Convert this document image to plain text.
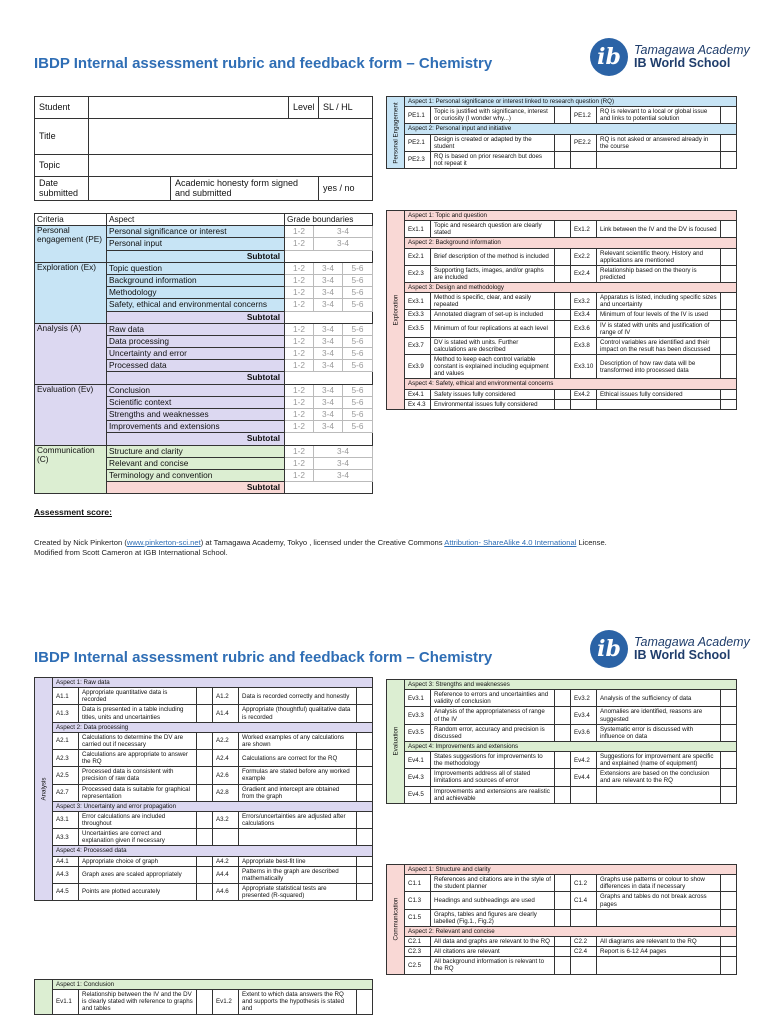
IBDP Internal assessment rubric and feedback form – Chemistry	ib	Tamagawa Academy
IB World School
Student			Level	SL / HL
Title				
Topic				
Date submitted		Academic honesty form signed and submitted		yes / no
Criteria	Aspect	Grade boundaries		
Personal engagement (PE)	Personal significance or interest	1-2	3-4	
	Personal input	1-2	3-4	
	Subtotal			
Exploration (Ex)	Topic question	1-2	3-4	5-6
	Background information	1-2	3-4	5-6
	Methodology	1-2	3-4	5-6
	Safety, ethical and environmental concerns	1-2	3-4	5-6
	Subtotal			
Analysis (A)	Raw data	1-2	3-4	5-6
	Data processing	1-2	3-4	5-6
	Uncertainty and error	1-2	3-4	5-6
	Processed data	1-2	3-4	5-6
	Subtotal			
Evaluation (Ev)	Conclusion	1-2	3-4	5-6
	Scientific context	1-2	3-4	5-6
	Strengths and weaknesses	1-2	3-4	5-6
	Improvements and extensions	1-2	3-4	5-6
	Subtotal			
Communication (C)	Structure and clarity	1-2	3-4	
	Relevant and concise	1-2	3-4	
	Terminology and convention	1-2	3-4	
	Subtotal			
Personal Engagement	Aspect 1: Personal significance or interest linked to research question (RQ)					
	PE1.1	Topic is justified with significance, interest or curiosity (I wonder why...)		PE1.2	RQ is relevant to a local or global issue and links to potential solution	
	Aspect 2: Personal input and initiative					
	PE2.1	Design is created or adapted by the student		PE2.2	RQ is not asked or answered already in the course	
	PE2.3	RQ is based on prior research but does not repeat it				
Exploration	Aspect 1: Topic and question					
	Ex1.1	Topic and research question are clearly stated		Ex1.2	Link between the IV and the DV is focused	
	Aspect 2: Background information					
	Ex2.1	Brief description of the method is included		Ex2.2	Relevant scientific theory. History and applications are mentioned	
	Ex2.3	Supporting facts, images, and/or graphs are included		Ex2.4	Relationship based on the theory is predicted	
	Aspect 3: Design and methodology					
	Ex3.1	Method is specific, clear, and easily repeated		Ex3.2	Apparatus is listed, including specific sizes and uncertainty	
	Ex3.3	Annotated diagram of set-up is included		Ex3.4	Minimum of four levels of the IV is used	
	Ex3.5	Minimum of four replications at each level		Ex3.6	IV is stated with units and justification of range of IV	
	Ex3.7	DV is stated with units. Further calculations are described		Ex3.8	Control variables are identified and their impact on the result has been discussed	
	Ex3.9	Method to keep each control variable constant is explained including equipment and values		Ex3.10	Description of how raw data will be transformed into processed data	
	Aspect 4: Safety, ethical and environmental concerns					
	Ex4.1	Safety issues fully considered		Ex4.2	Ethical issues fully considered	
	Ex 4.3	Environmental issues fully considered				
Assessment score:
Created by Nick Pinkerton (www.pinkerton-sci.net) at Tamagawa Academy, Tokyo , licensed under the Creative Commons Attribution- ShareAlike 4.0 International License.
Modified from Scott Cameron at IGB International School.
IBDP Internal assessment rubric and feedback form – Chemistry	ib	Tamagawa Academy
IB World School
Analysis	Aspect 1: Raw data					
	A1.1	Appropriate quantitative data is recorded		A1.2	Data is recorded correctly and honestly	
	A1.3	Data is presented in a table including titles, units and uncertainties		A1.4	Appropriate (thoughtful) qualitative data is recorded	
	Aspect 2: Data processing					
	A2.1	Calculations to determine the DV are carried out if necessary		A2.2	Worked examples of any calculations are shown	
	A2.3	Calculations are appropriate to answer the RQ		A2.4	Calculations are correct for the RQ	
	A2.5	Processed data is consistent with precision of raw data		A2.6	Formulas are stated before any worked example	
	A2.7	Processed data is suitable for graphical representation		A2.8	Gradient and intercept are obtained from the graph	
	Aspect 3: Uncertainty and error propagation					
	A3.1	Error calculations are included throughout		A3.2	Errors/uncertainties are adjusted after calculations	
	A3.3	Uncertainties are correct and explanation given if necessary				
	Aspect 4: Processed data					
	A4.1	Appropriate choice of graph		A4.2	Appropriate best-fit line	
	A4.3	Graph axes are scaled appropriately		A4.4	Patterns in the graph are described mathematically	
	A4.5	Points are plotted accurately		A4.6	Appropriate statistical tests are presented (R-squared)	
	Aspect 1: Conclusion					
	Ev1.1	Relationship between the IV and the DV is clearly stated with reference to graphs and tables		Ev1.2	Extent to which data answers the RQ and supports the hypothesis is stated and	
Evaluation	Aspect 3: Strengths and weaknesses					
	Ev3.1	Reference to errors and uncertainties and validity of conclusion		Ev3.2	Analysis of the sufficiency of data	
	Ev3.3	Analysis of the appropriateness of range of the IV		Ev3.4	Anomalies are identified, reasons are suggested	
	Ev3.5	Random error, accuracy and precision is discussed		Ev3.6	Systematic error is discussed with influence on data	
	Aspect 4: Improvements and extensions					
	Ev4.1	States suggestions for improvements to the methodology		Ev4.2	Suggestions for improvement are specific and explained (name of equipment)	
	Ev4.3	Improvements address all of stated limitations and sources of error		Ev4.4	Extensions are based on the conclusion and are relevant to the RQ	
	Ev4.5	Improvements and extensions are realistic and achievable				
Communication	Aspect 1: Structure and clarity					
	C1.1	References and citations are in the style of the student planner		C1.2	Graphs use patterns or colour to show differences in data if necessary	
	C1.3	Headings and subheadings are used		C1.4	Graphs and tables do not break across pages	
	C1.5	Graphs, tables and figures are clearly labelled (Fig.1., Fig.2)				
	Aspect 2: Relevant and concise					
	C2.1	All data and graphs are relevant to the RQ		C2.2	All diagrams are relevant to the RQ	
	C2.3	All citations are relevant		C2.4	Report is 6-12 A4 pages	
	C2.5	All background information is relevant to the RQ				
